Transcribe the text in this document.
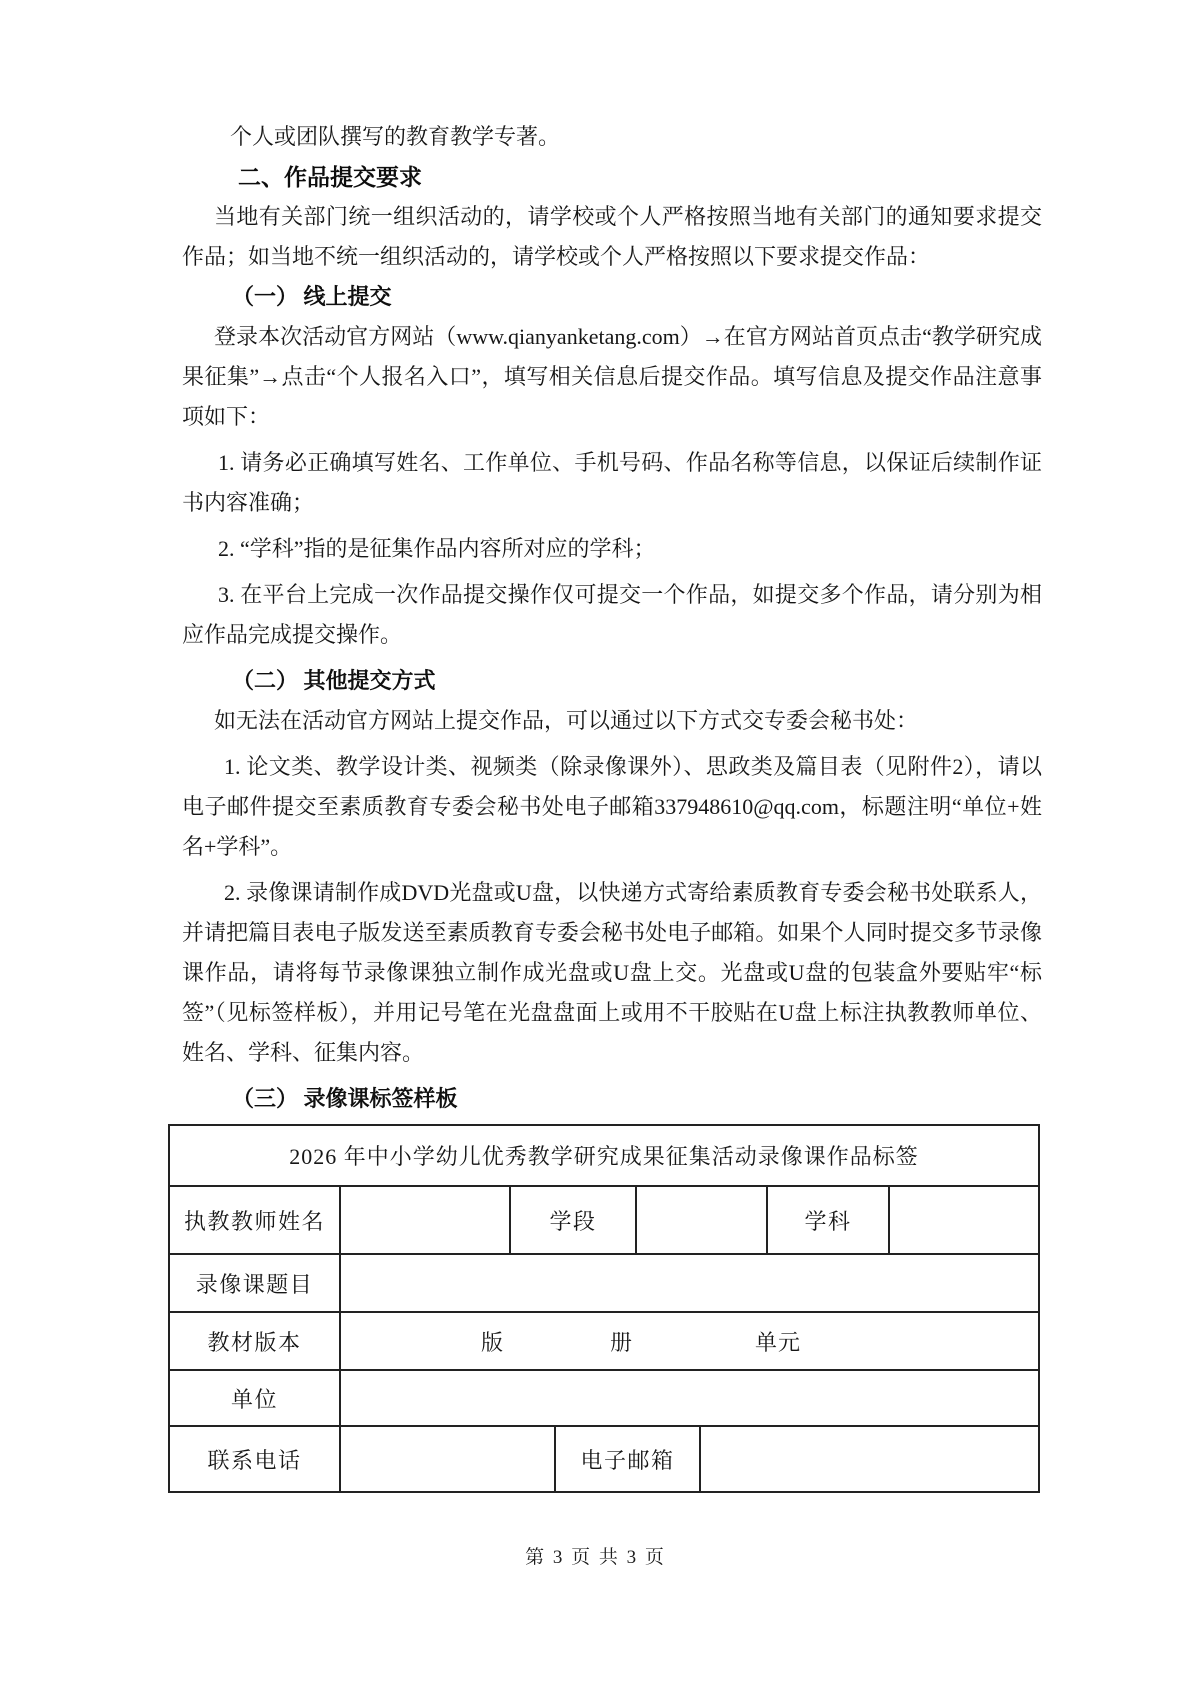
个人或团队撰写的教育教学专著。

二、作品提交要求

当地有关部门统一组织活动的，请学校或个人严格按照当地有关部门的通知要求提交作品；如当地不统一组织活动的，请学校或个人严格按照以下要求提交作品：

（一） 线上提交

登录本次活动官方网站（www.qianyanketang.com）→在官方网站首页点击“教学研究成果征集”→点击“个人报名入口”，填写相关信息后提交作品。填写信息及提交作品注意事项如下：

1. 请务必正确填写姓名、工作单位、手机号码、作品名称等信息，以保证后续制作证书内容准确；

2. “学科”指的是征集作品内容所对应的学科；

3. 在平台上完成一次作品提交操作仅可提交一个作品，如提交多个作品，请分别为相应作品完成提交操作。

（二） 其他提交方式

如无法在活动官方网站上提交作品，可以通过以下方式交专委会秘书处：

1. 论文类、教学设计类、视频类（除录像课外）、思政类及篇目表（见附件2），请以电子邮件提交至素质教育专委会秘书处电子邮箱337948610@qq.com，标题注明“单位+姓名+学科”。

2. 录像课请制作成DVD光盘或U盘，以快递方式寄给素质教育专委会秘书处联系人，并请把篇目表电子版发送至素质教育专委会秘书处电子邮箱。如果个人同时提交多节录像课作品，请将每节录像课独立制作成光盘或U盘上交。光盘或U盘的包装盒外要贴牢“标签”（见标签样板），并用记号笔在光盘盘面上或用不干胶贴在U盘上标注执教教师单位、姓名、学科、征集内容。

（三） 录像课标签样板
2026 年中小学幼儿优秀教学研究成果征集活动录像课作品标签
执教教师姓名	学段	学科
录像课题目
教材版本	版	册	单元
单位
联系电话	电子邮箱
第 3 页 共 3 页
